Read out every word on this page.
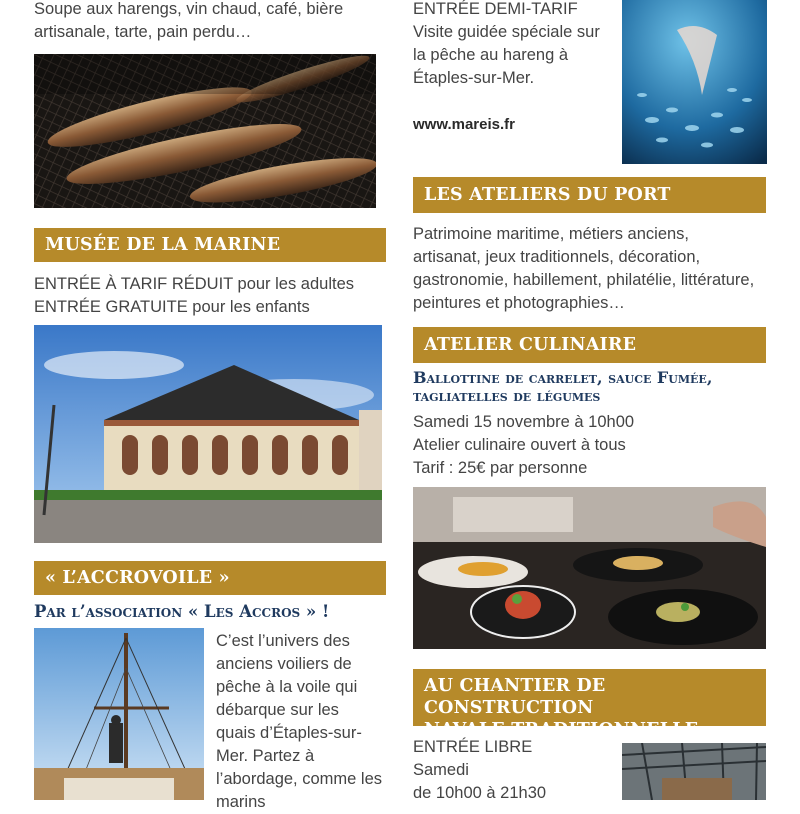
Soupe aux harengs, vin chaud, café, bière artisanale, tarte, pain perdu…
MUSÉE DE LA MARINE
ENTRÉE À TARIF RÉDUIT pour les adultes
ENTRÉE GRATUITE pour les enfants
« L’ACCROVOILE »
Par l’association « Les Accros » !
C’est l’univers des anciens voiliers de pêche à la voile qui débarque sur les quais d’Étaples-sur-Mer. Partez à l’abordage, comme les marins
ENTRÉE DEMI-TARIF
Visite guidée spéciale sur la pêche au hareng à Étaples-sur-Mer.
www.mareis.fr
LES ATELIERS DU PORT
Patrimoine maritime, métiers anciens, artisanat, jeux traditionnels, décoration, gastronomie, habillement, philatélie, littérature, peintures et photographies…
ATELIER CULINAIRE
Ballottine de carrelet, sauce Fumée, tagliatelles de légumes
Samedi 15 novembre à 10h00
Atelier culinaire ouvert à tous
Tarif : 25€ par personne
AU CHANTIER DE CONSTRUCTION
NAVALE TRADITIONNELLE
ENTRÉE LIBRE
Samedi
de 10h00 à 21h30
